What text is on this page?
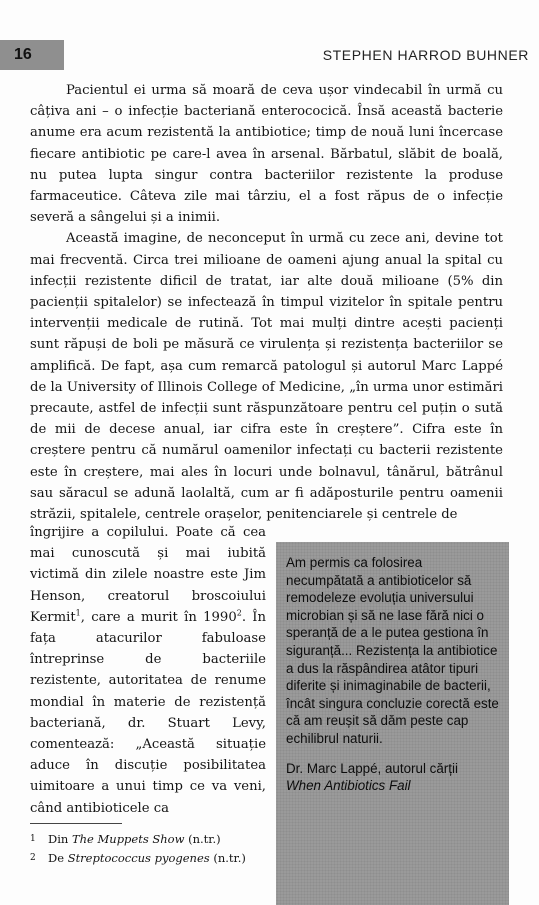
16	STEPHEN HARROD BUHNER

Pacientul ei urma să moară de ceva ușor vindecabil în urmă cu câțiva ani – o infecție bacteriană enterococică. Însă această bacterie anume era acum rezistentă la antibiotice; timp de nouă luni încercase fiecare antibiotic pe care-l avea în arsenal. Bărbatul, slăbit de boală, nu putea lupta singur contra bacteriilor rezistente la produse farmaceutice. Câteva zile mai târziu, el a fost răpus de o infecție severă a sângelui și a inimii.

Această imagine, de neconceput în urmă cu zece ani, devine tot mai frecventă. Circa trei milioane de oameni ajung anual la spital cu infecții rezistente dificil de tratat, iar alte două milioane (5% din pacienții spitalelor) se infectează în timpul vizitelor în spitale pentru intervenții medicale de rutină. Tot mai mulți dintre acești pacienți sunt răpuși de boli pe măsură ce virulența și rezistența bacteriilor se amplifică. De fapt, așa cum remarcă patologul și autorul Marc Lappé de la University of Illinois College of Medicine, „în urma unor estimări precaute, astfel de infecții sunt răspunzătoare pentru cel puțin o sută de mii de decese anual, iar cifra este în creștere”. Cifra este în creștere pentru că numărul oamenilor infectați cu bacterii rezistente este în creștere, mai ales în locuri unde bolnavul, tânărul, bătrânul sau săracul se adună laolaltă, cum ar fi adăposturile pentru oamenii străzii, spitalele, centrele orașelor, penitenciarele și centrele de

îngrijire a copilului. Poate că cea mai cunoscută și mai iubită victimă din zilele noastre este Jim Henson, creatorul broscoiului Kermit$^1$, care a murit în 1990$^2$. În fața atacurilor fabuloase întreprinse de bacteriile rezistente, autoritatea de renume mondial în materie de rezistență bacteriană, dr. Stuart Levy, comentează: „Această situație aduce în discuție posibilitatea uimitoare a unui timp ce va veni, când antibioticele ca
1	Din The Muppets Show (n.tr.)
2	De Streptococcus pyogenes (n.tr.)
Am permis ca folosirea necumpătată a antibioticelor să remodeleze evoluția universului microbian și să ne lase fără nici o speranță de a le putea gestiona în siguranță... Rezistența la antibiotice a dus la răspândirea atâtor tipuri diferite și inimaginabile de bacterii, încât singura concluzie corectă este că am reușit să dăm peste cap echilibrul naturii.
Dr. Marc Lappé, autorul cărții
When Antibiotics Fail
